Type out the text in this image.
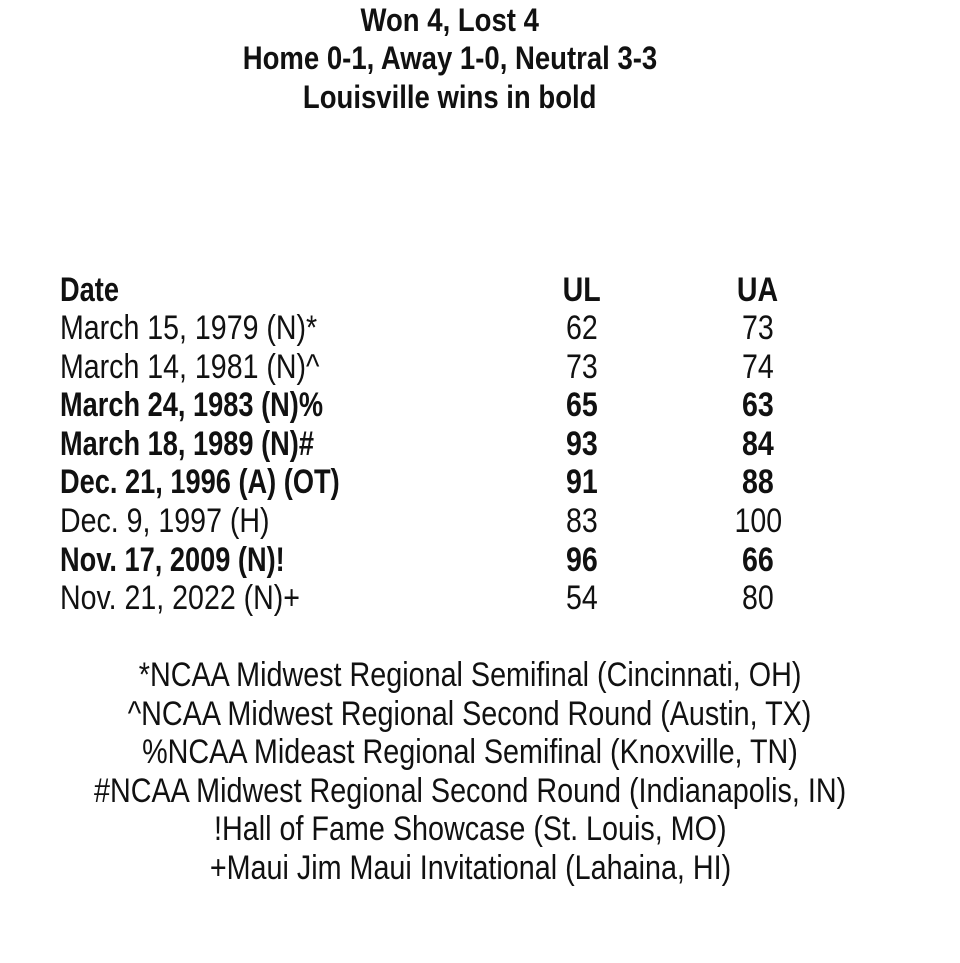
Won 4, Lost 4
Home 0-1, Away 1-0, Neutral 3-3
Louisville wins in bold
Date	UL	UA
March 15, 1979 (N)*	62	73
March 14, 1981 (N)^	73	74
March 24, 1983 (N)%	65	63
March 18, 1989 (N)#	93	84
Dec. 21, 1996 (A) (OT)	91	88
Dec. 9, 1997 (H)	83	100
Nov. 17, 2009 (N)!	96	66
Nov. 21, 2022 (N)+	54	80
*NCAA Midwest Regional Semifinal (Cincinnati, OH)
^NCAA Midwest Regional Second Round (Austin, TX)
%NCAA Mideast Regional Semifinal (Knoxville, TN)
#NCAA Midwest Regional Second Round (Indianapolis, IN)
!Hall of Fame Showcase (St. Louis, MO)
+Maui Jim Maui Invitational (Lahaina, HI)
